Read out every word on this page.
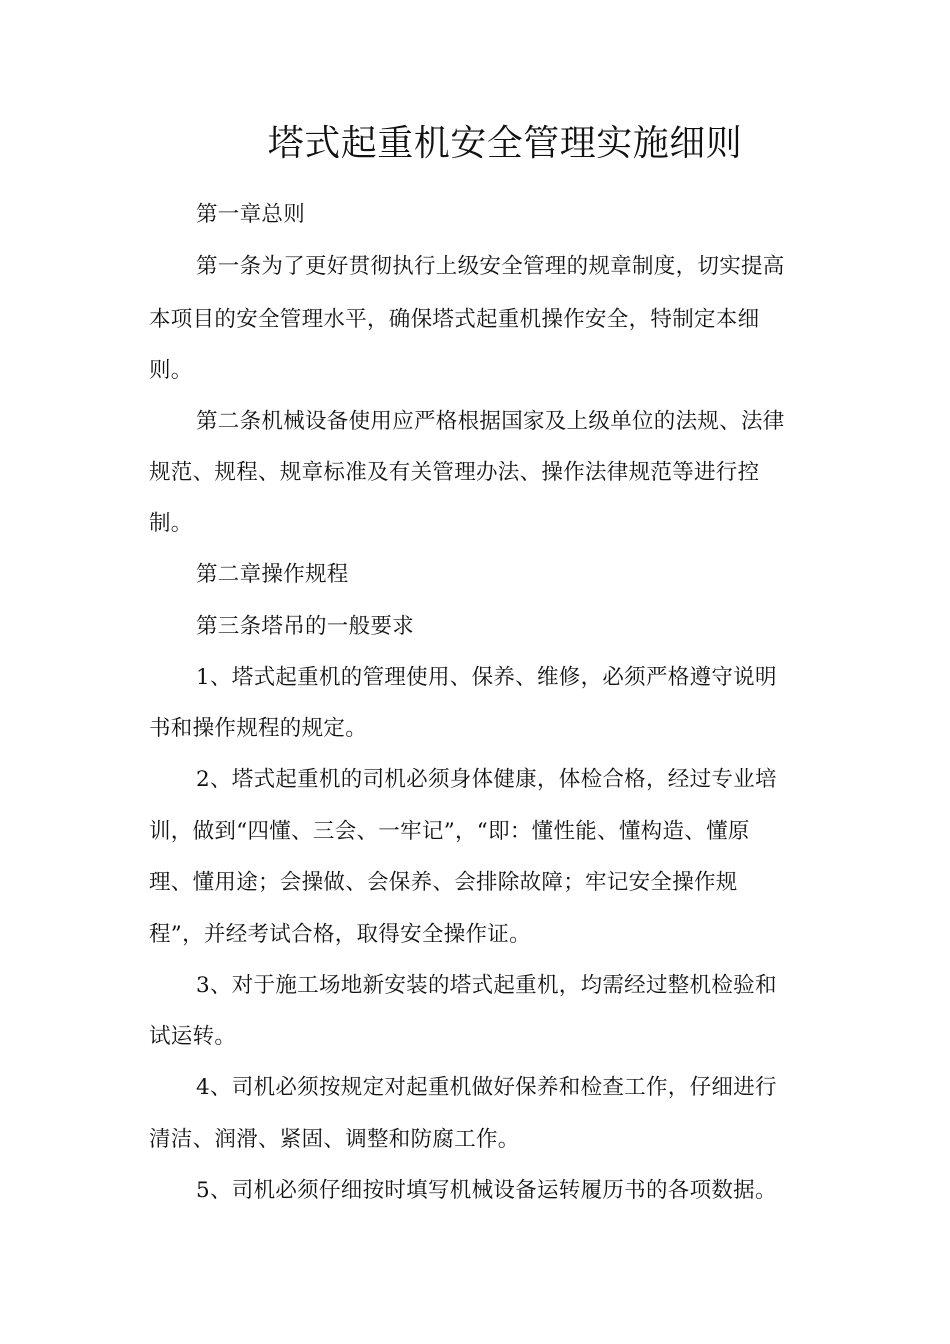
塔式起重机安全管理实施细则
第一章总则
第一条为了更好贯彻执行上级安全管理的规章制度，切实提高
本项目的安全管理水平，确保塔式起重机操作安全，特制定本细
则。
第二条机械设备使用应严格根据国家及上级单位的法规、法律
规范、规程、规章标准及有关管理办法、操作法律规范等进行控
制。
第二章操作规程
第三条塔吊的一般要求
1、塔式起重机的管理使用、保养、维修，必须严格遵守说明
书和操作规程的规定。
2、塔式起重机的司机必须身体健康，体检合格，经过专业培
训，做到“四懂、三会、一牢记”，“即：懂性能、懂构造、懂原
理、懂用途；会操做、会保养、会排除故障；牢记安全操作规
程”，并经考试合格，取得安全操作证。
3、对于施工场地新安装的塔式起重机，均需经过整机检验和
试运转。
4、司机必须按规定对起重机做好保养和检查工作，仔细进行
清洁、润滑、紧固、调整和防腐工作。
5、司机必须仔细按时填写机械设备运转履历书的各项数据。
